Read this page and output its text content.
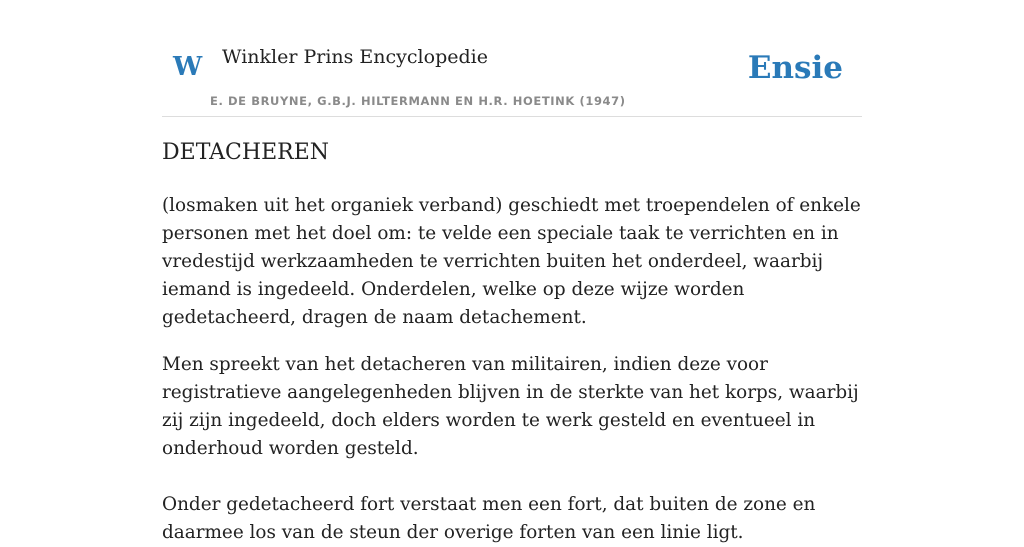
W Winkler Prins Encyclopedie
E. DE BRUYNE, G.B.J. HILTERMANN EN H.R. HOETINK (1947)
Ensie
DETACHEREN

(losmaken uit het organiek verband) geschiedt met troependelen of enkele personen met het doel om: te velde een speciale taak te verrichten en in vredestijd werkzaamheden te verrichten buiten het onderdeel, waarbij iemand is ingedeeld. Onderdelen, welke op deze wijze worden gedetacheerd, dragen de naam detachement.

Men spreekt van het detacheren van militairen, indien deze voor registratieve aangelegenheden blijven in de sterkte van het korps, waarbij zij zijn ingedeeld, doch elders worden te werk gesteld en eventueel in onderhoud worden gesteld.

Onder gedetacheerd fort verstaat men een fort, dat buiten de zone en daarmee los van de steun der overige forten van een linie ligt.
